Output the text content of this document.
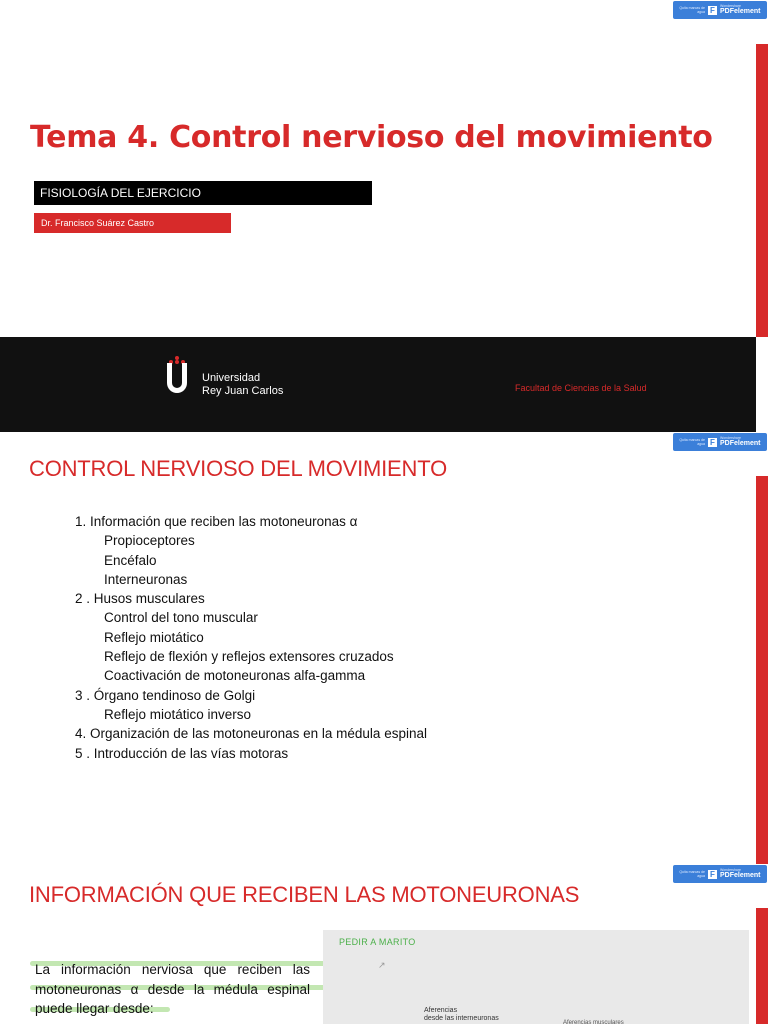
Quita marcas de agua F	Wondershare
PDFelement
Tema 4. Control nervioso del movimiento
FISIOLOGÍA DEL EJERCICIO
Dr. Francisco Suárez Castro
Universidad
Rey Juan Carlos	Facultad de Ciencias de la Salud
Quita marcas de agua F	Wondershare
PDFelement
CONTROL NERVIOSO DEL MOVIMIENTO
1. Información que reciben las motoneuronas α
Propioceptores
Encéfalo
Interneuronas
2 . Husos musculares
Control del tono muscular
Reflejo miotático
Reflejo de flexión y reflejos extensores cruzados
Coactivación de motoneuronas alfa-gamma
3 . Órgano tendinoso de Golgi
Reflejo miotático inverso
4. Organización de las motoneuronas en la médula espinal
5 . Introducción de las vías motoras
Quita marcas de agua F	Wondershare
PDFelement
INFORMACIÓN QUE RECIBEN LAS MOTONEURONAS
La información nerviosa que reciben las motoneuronas α desde la médula espinal puede llegar desde:
PEDIR A MARITO
↗
Aferencias
desde las interneuronas
Aferencias musculares
